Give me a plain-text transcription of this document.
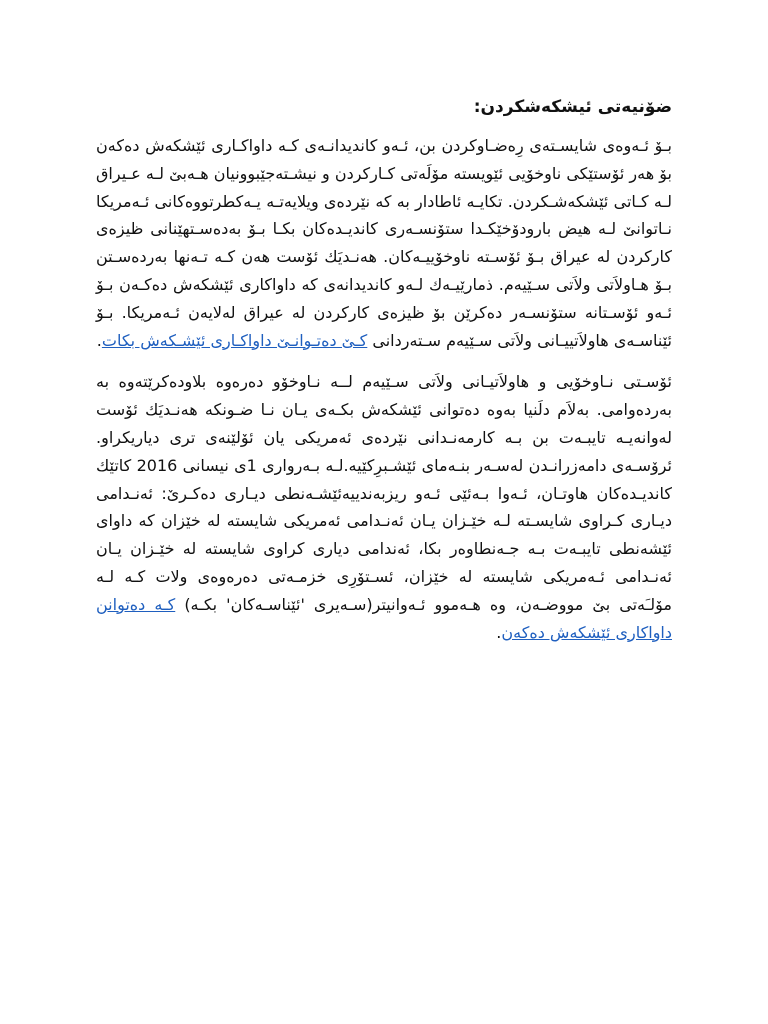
ضۆنیەتی ئیشکەشکردن:

بـۆ ئـەوەی شایسـتەی رِەضـاوكردن بن، ئـەو كانديدانـەی كـە داواكـاری ئێشكەش دەكەن بۆ هەر ئۆستێكی ناوخۆیی ئێویستە مۆلَەتی كـاركردن و نیشـتەجێبوونیان هـەبێ لـە عـیراق لـە كـاتی ئێشكەشـكردن. تكايـە ئاطادار بە كە نێردەی ویلايەتـە يـەكطرتووەكانی ئـەمريكا نـاتوانێ لـە هيض بارودۆخێكـدا ستۆنسـەری كانديـدەكان بكـا بـۆ بەدەسـتهێنانی ظيزەی كاركردن لە عيراق بـۆ ئۆسـتە ناوخۆييـەكان. هەنـديَك ئۆست هەن كـە تـەنها بەردەسـتن بـۆ هـاولاَتی ولاَتی سـێیەم. ذمارێيـەك لـەو كانديدانەی كە داواكاری ئێشكەش دەكـەن بـۆ ئـەو ئۆسـتانە ستۆنسـەر دەكرێن بۆ ظيزەی كاركردن لە عيراق لەلايەن ئـەمريكا. بـۆ ئێناسـەی هاولاَتييـانی ولاَتی سـێیەم سـتەردانی كـێ دەتـوانـێ داواكـاری ئێشـكەش بكات.

ئۆسـتی نـاوخۆيی و هاولاَتيـانی ولاَتی سـێیەم لــە نـاوخۆو دەرەوە بلاودەكرێتەوە بە بەردەوامی. بەلاَم دلَنيا بەوە دەتوانی ئێشكەش بكـەی يـان نـا ضـونكە هەنـديَك ئۆست لەوانەيـە تايبـەت بن بـە كارمەنـدانی نێردەی ئەمريكی يان ئۆلێنەی تری دياريكراو. ئرۆسـەی دامەزرانـدن لەسـەر بنـەمای ئێشـبرِكێيە.لـە بـەرواری 1ی نيسانی 2016 كاتێك كانديـدەكان هاوتـان، ئـەوا بـەئێی ئـەو ريزبەندييەئێشـەنطی ديـاری دەكـرێ: ئەنـدامی ديـاری كـراوی شايسـتە لـە خێـزان يـان ئەنـدامی ئەمريكی شايستە لە خێزان كە داوای ئێشەنطی تايبـەت بـە جـەنطاوەر بكا، ئەندامی دياری كراوی شايستە لە خێـزان يـان ئەنـدامی ئـەمريكی شايستە لە خێزان، ئسـتۆرِی خزمـەتی دەرەوەی ولات كـە لـە مۆلـَەتی بێ مووضـەن، وە هـەموو ئـەوانيتر(سـەيری 'ئێناسـەكان' بكـە) كـە دەتوانن داواكاری ئێشكەش دەكەن.
